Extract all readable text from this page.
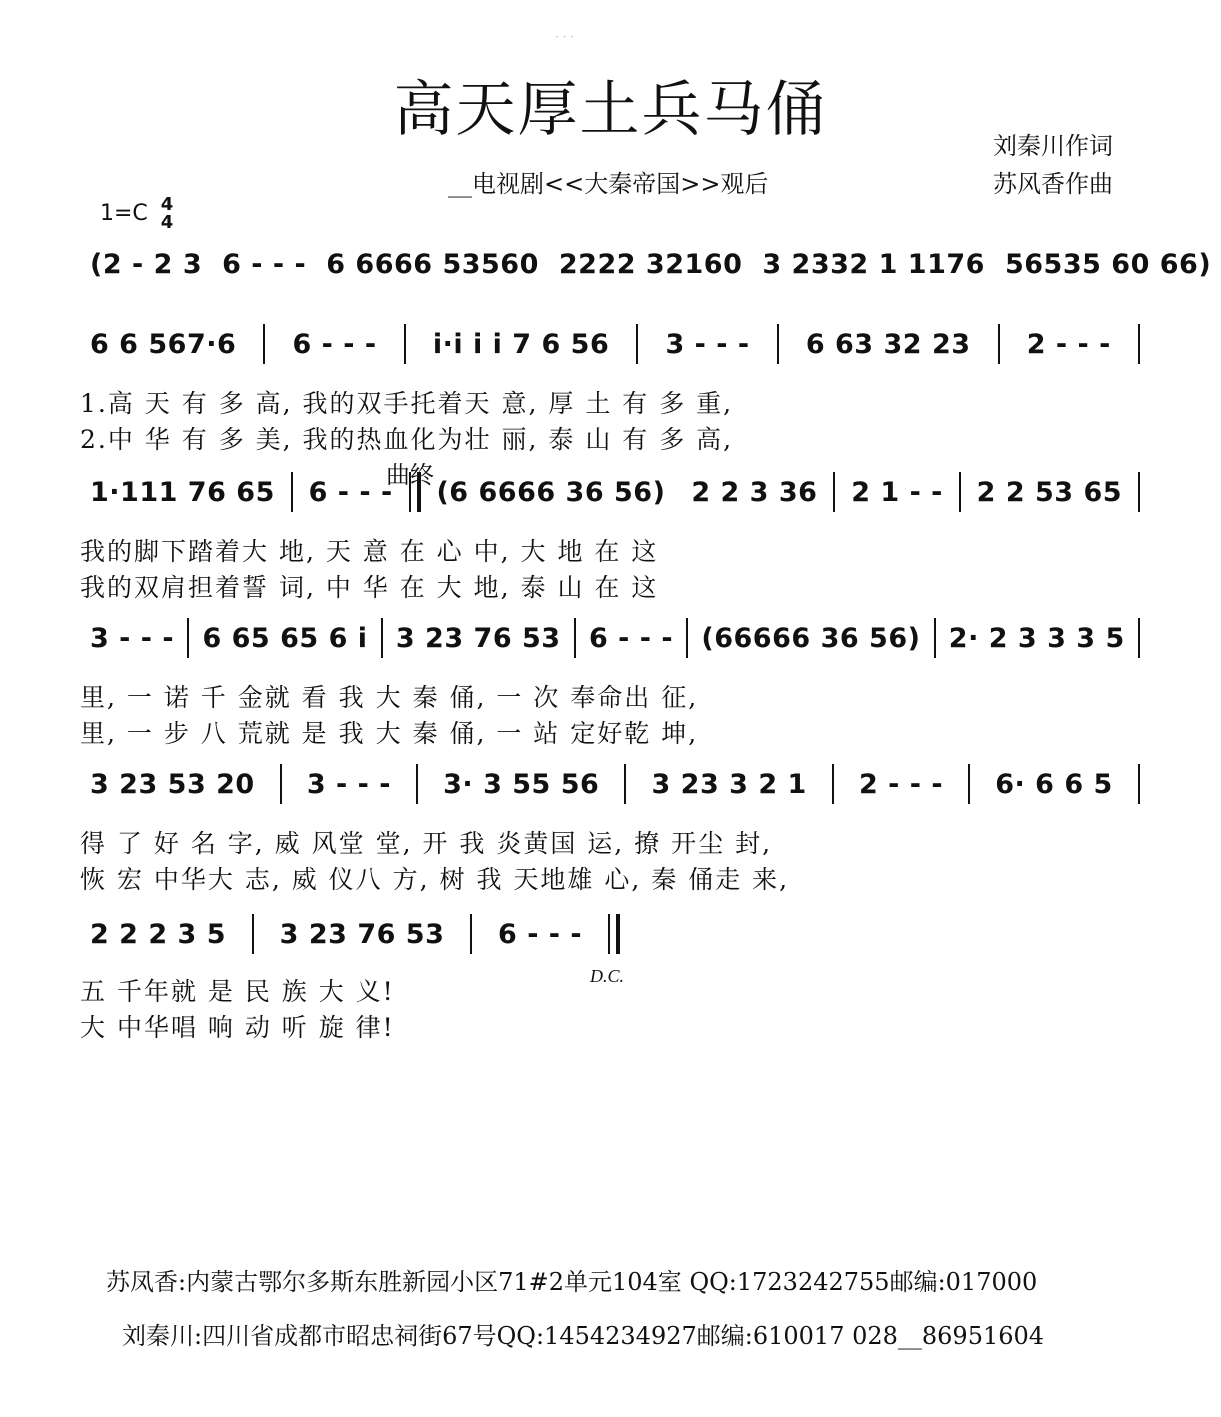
· · ·
高天厚土兵马俑
__电视剧<<大秦帝国>>观后
刘秦川作词
苏风香作曲
1=C 4
4
(2 - 2 3 6 - - - 6 6666 53560 2222 32160 3 2332 1 1176 56535 60 66)
6 6 567·6	6 - - -	i·i i i 7 6 56	3 - - -	6 63 32 23	2 - - -
1.高 天 有 多 高, 我的双手托着天 意, 厚 土 有 多 重,
2.中 华 有 多 美, 我的热血化为壮 丽, 泰 山 有 多 高,
曲终
1·111 76 65	6 - - -	(6 6666 36 56) 2 2 3 36	2 1 - -	2 2 53 65
我的脚下踏着大 地, 天 意 在 心 中, 大 地 在 这
我的双肩担着誓 词, 中 华 在 大 地, 泰 山 在 这
3 - - -	6 65 65 6 i	3 23 76 53	6 - - -	(66666 36 56)	2· 2 3 3 3 5
里, 一 诺 千 金就 看 我 大 秦 俑, 一 次 奉命出 征,
里, 一 步 八 荒就 是 我 大 秦 俑, 一 站 定好乾 坤,
3 23 53 20	3 - - -	3· 3 55 56	3 23 3 2 1	2 - - -	6· 6 6 5
得 了 好 名 字, 威 风堂 堂, 开 我 炎黄国 运, 撩 开尘 封,
恢 宏 中华大 志, 威 仪八 方, 树 我 天地雄 心, 秦 俑走 来,
2 2 2 3 5	3 23 76 53	6 - - -
D.C.
五 千年就 是 民 族 大 义!
大 中华唱 响 动 听 旋 律!
苏凤香:内蒙古鄂尔多斯东胜新园小区71#2单元104室 QQ:1723242755邮编:017000
刘秦川:四川省成都市昭忠祠街67号QQ:1454234927邮编:610017 028__86951604
